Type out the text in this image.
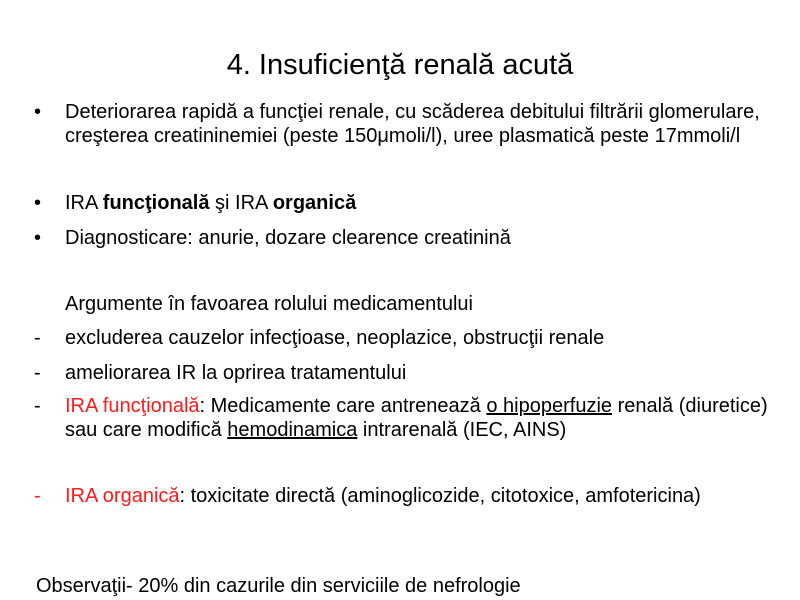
4. Insuficienţă renală acută
•	Deteriorarea rapidă a funcţiei renale, cu scăderea debitului filtrării glomerulare, creşterea creatininemiei (peste 150μmoli/l), uree plasmatică peste 17mmoli/l
•	IRA funcţională şi IRA organică
•	Diagnosticare: anurie, dozare clearence creatinină
Argumente în favoarea rolului medicamentului
-	excluderea cauzelor infecţioase, neoplazice, obstrucţii renale
-	ameliorarea IR la oprirea tratamentului
-	IRA funcţională: Medicamente care antrenează o hipoperfuzie renală (diuretice) sau care modifică hemodinamica intrarenală (IEC, AINS)
-	IRA organică: toxicitate directă (aminoglicozide, citotoxice, amfotericina)
Observaţii- 20% din cazurile din serviciile de nefrologie
